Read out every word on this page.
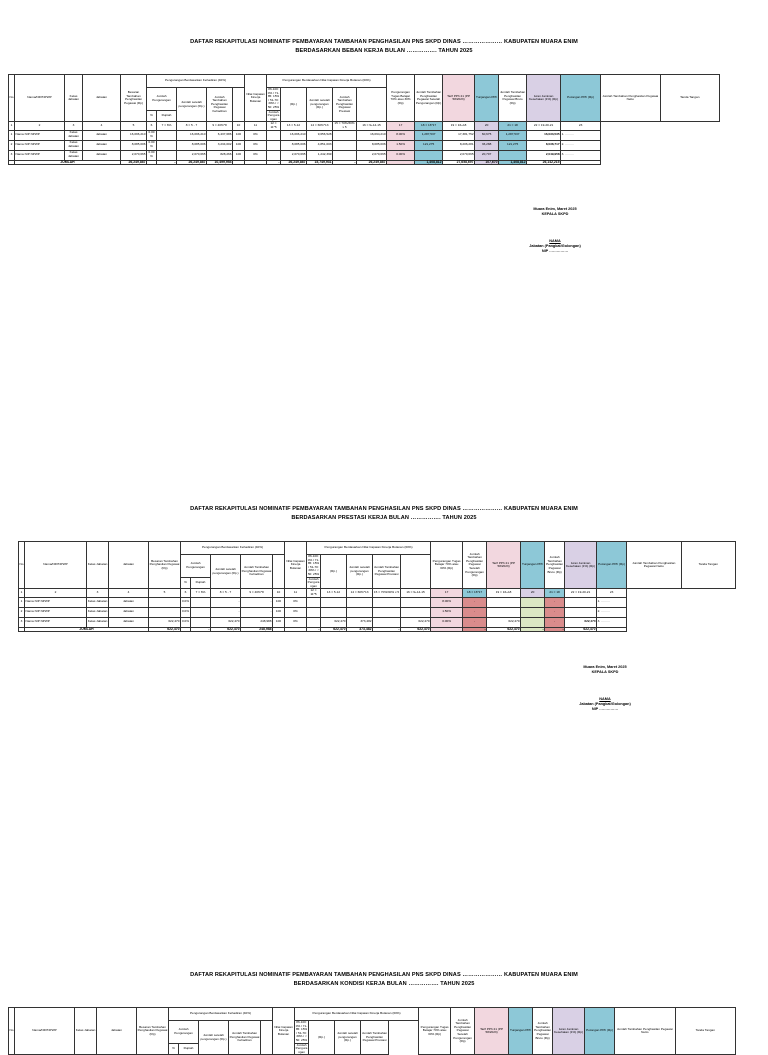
DAFTAR REKAPITULASI NOMINATIF PEMBAYARAN TAMBAHAN PENGHASILAN PNS SKPD DINAS ………………… KABUPATEN MUARA ENIM
BERDASARKAN BEBAN KERJA BULAN ……………. TAHUN 2025
No	Nama/NIP/NPWP	Kelas Jabatan	Jabatan	Besaran Tambahan Penghasilan Pegawai (Rp)	Pengurangan Berdasarkan Kehadiran (40%)					Nilai Capaian Kinerja Bulanan	Pengurangan Berdasarkan Nilai Capaian Kinerja Bulanan (60%)					Pengurangan Tugas Belajar 70% atau 30% (Rp)	Jumlah Tambahan Penghasilan Pegawai Setelah Pengurangan (Rp)	Tarif PPh 21 (PP 58/2023)	Tunjangan PPh	Jumlah Tambahan Penghasilan Pegawai Bruto (Rp)	Iuran Jaminan Kesehatan (1%) (Rp)	Potongan PPh (Rp)	Jumlah Tambahan Penghasilan Pegawai Netto	Tanda Tangan
					Jumlah Pengurangan		Jumlah setelah pengurangan (Rp.)	Jumlah Tambahan Penghasilan Pegawai Kehadiran			86-100: 0% / 71-85: 15% / 51-70: 30% / < 50: 25%	(Rp.)	Jumlah setelah pengurangan (Rp.)	Jumlah Tambahan Penghasilan Pegawai Prestasi										
					%	Rupiah					Jumlah Pengurangan													
1	2	3	4	5	6	7 = 6%	8 = 5 - 7	9 = 40%*8	10	11	12 = 11*5	13 = 5-12	14 = 60%*13	15 = 70%/30% x 5	16 = 9+14-15	17	18 = 16*17	19 = 16+18	20	21 = 18	22 = 19-20-21	23		
1	Nama NIP NPWP	Kelas Jabatan	Jabatan	16,096,210	0.00%		16,096,210	6,437,686	100	0%		16,096,210	9,656,528		16,094,210	8.00%	1,287,537	17,381,752	60,675	1,287,537	16,033,535	1. ………		
2	Nama NIP NPWP	Kelas Jabatan	Jabatan	8,085,006	0.00%		8,085,006	3,234,002	100	0%		8,085,006	4,851,003		8,085,006	1.50%	121,275	8,206,281	36,288	121,275	8,038,717	2. ………		
3	Nama NIP NPWP	Kelas Jabatan	Jabatan	2,070,665	0.00%		2,070,665	828,266	100	0%		2,070,665	1,242,399		2,070,665	0.00%		2,070,665	20,707		2,049,958	3. ………		
	JUMLAH			26,249,887		-	26,249,887	10,499,954			-	26,249,887	15,749,931	-	26,249,887		1,408,812	27,658,697	107,670	1,408,812	26,142,215			
Muara Enim, Maret 2025
KEPALA SKPD
NAMA
Jabatan (Pangkat/Golongan)
NIP ……………
DAFTAR REKAPITULASI NOMINATIF PEMBAYARAN TAMBAHAN PENGHASILAN PNS SKPD DINAS ………………… KABUPATEN MUARA ENIM
BERDASARKAN PRESTASI KERJA BULAN ……………. TAHUN 2025
No	Nama/NIP/NPWP	Kelas Jabatan	Jabatan	Besaran Tambahan Penghasilan Pegawai (Rp)	Pengurangan Berdasarkan Kehadiran (40%)					Nilai Capaian Kinerja Bulanan	Pengurangan Berdasarkan Nilai Capaian Kinerja Bulanan (60%)					Pengurangan Tugas Belajar 70% atau 30% (Rp)	Jumlah Tambahan Penghasilan Pegawai Setelah Pengurangan (Rp)	Tarif PPh 21 (PP 58/2023)	Tunjangan PPh	Jumlah Tambahan Penghasilan Pegawai Bruto (Rp)	Iuran Jaminan Kesehatan (1%) (Rp)	Potongan PPh (Rp)	Jumlah Tambahan Penghasilan Pegawai Netto	Tanda Tangan
					Jumlah Pengurangan		Jumlah setelah pengurangan (Rp.)	Jumlah Tambahan Penghasilan Pegawai Kehadiran			86-100: 0% / 71-85: 15% / 51-70: 30% / < 50: 25%	(Rp.)	Jumlah setelah pengurangan (Rp.)	Jumlah Tambahan Penghasilan Pegawai Prestasi										
					%	Rupiah					Jumlah Pengurangan													
1	2	3	4	5	6	7 = 6%	8 = 5 - 7	9 = 40%*8	10	11	12 = 11*5	13 = 5-12	14 = 60%*13	15 = 70%/30% x 5	16 = 9+14-15	17	18 = 16*17	19 = 16+18	20	21 = 18	22 = 19-20-21	23		
1	Nama NIP NPWP	Kelas Jabatan	Jabatan		0.0%		-	-	100	0%						8.00%	-			-		1. ………		
2	Nama NIP NPWP	Kelas Jabatan	Jabatan		0.0%		-	-	100	0%						1.50%	-			-		2. ………		
3	Nama NIP NPWP	Kelas Jabatan	Jabatan	622,470	0.0%		622,470	248,988	100	0%		622,470	373,482		622,470	0.00%	-	622,470		-	622,470	3. ………		
	JUMLAH			622,470		-	622,470	248,988			-	622,470	373,482	-	622,470		-	622,470	-	-	622,470			
Muara Enim, Maret 2025
KEPALA SKPD
NAMA
Jabatan (Pangkat/Golongan)
NIP ……………
DAFTAR REKAPITULASI NOMINATIF PEMBAYARAN TAMBAHAN PENGHASILAN PNS SKPD DINAS ………………… KABUPATEN MUARA ENIM
BERDASARKAN KONDISI KERJA BULAN ……………. TAHUN 2025
No	Nama/NIP/NPWP	Kelas Jabatan	Jabatan	Besaran Tambahan Penghasilan Pegawai (Rp)	Pengurangan Berdasarkan Kehadiran (40%)					Nilai Capaian Kinerja Bulanan	Pengurangan Berdasarkan Nilai Capaian Kinerja Bulanan (60%)				Pengurangan Tugas Belajar 70% atau 30% (Rp)	Jumlah Tambahan Penghasilan Pegawai Setelah Pengurangan (Rp)	Tarif PPh 21 (PP 58/2023)	Tunjangan PPh	Jumlah Tambahan Penghasilan Pegawai Bruto (Rp)	Iuran Jaminan Kesehatan (1%) (Rp)	Potongan PPh (Rp)	Jumlah Tambahan Penghasilan Pegawai Netto	Tanda Tangan
					Jumlah Pengurangan		Jumlah setelah pengurangan (Rp.)	Jumlah Tambahan Penghasilan Pegawai Kehadiran			86-100: 0% / 71-85: 15% / 51-70: 30% / < 50: 25%	(Rp.)	Jumlah setelah pengurangan (Rp.)	Jumlah Tambahan Penghasilan Pegawai Prestasi									
					%	Rupiah					Jumlah Pengurangan												
